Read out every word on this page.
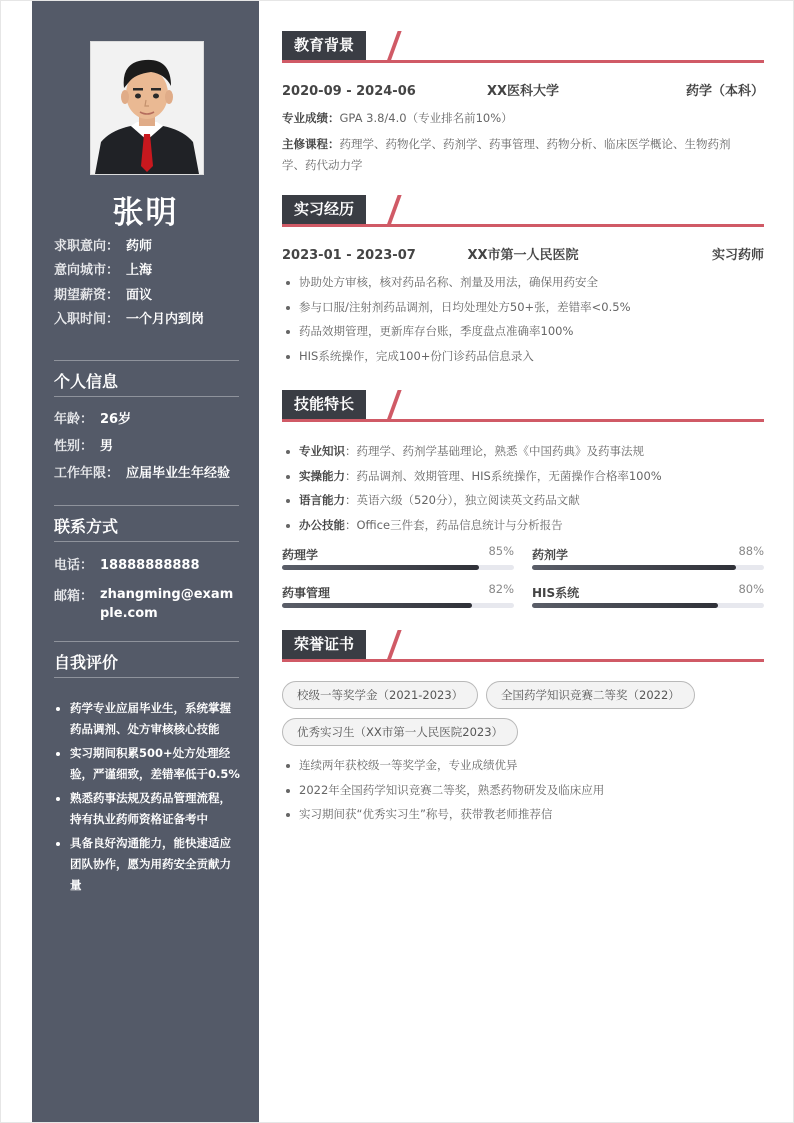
张明
求职意向： 药师
意向城市： 上海
期望薪资： 面议
入职时间： 一个月内到岗
个人信息
年龄： 26岁
性别： 男
工作年限： 应届毕业生年经验
联系方式
电话： 18888888888
邮箱： zhangming@example.com
自我评价
药学专业应届毕业生，系统掌握药品调剂、处方审核核心技能
实习期间积累500+处方处理经验，严谨细致，差错率低于0.5%
熟悉药事法规及药品管理流程，持有执业药师资格证备考中
具备良好沟通能力，能快速适应团队协作，愿为用药安全贡献力量
教育背景
2020-09 - 2024-06	XX医科大学	药学（本科）
专业成绩：GPA 3.8/4.0（专业排名前10%）
主修课程：药理学、药物化学、药剂学、药事管理、药物分析、临床医学概论、生物药剂学、药代动力学
实习经历
2023-01 - 2023-07	XX市第一人民医院	实习药师
协助处方审核，核对药品名称、剂量及用法，确保用药安全
参与口服/注射剂药品调剂，日均处理处方50+张，差错率<0.5%
药品效期管理，更新库存台账，季度盘点准确率100%
HIS系统操作，完成100+份门诊药品信息录入
技能特长
专业知识：药理学、药剂学基础理论，熟悉《中国药典》及药事法规
实操能力：药品调剂、效期管理、HIS系统操作，无菌操作合格率100%
语言能力：英语六级（520分），独立阅读英文药品文献
办公技能：Office三件套，药品信息统计与分析报告
药理学	85% 药剂学	88%
药事管理	82% HIS系统	80%
荣誉证书
校级一等奖学金（2021-2023）	全国药学知识竞赛二等奖（2022）
优秀实习生（XX市第一人民医院2023）
连续两年获校级一等奖学金，专业成绩优异
2022年全国药学知识竞赛二等奖，熟悉药物研发及临床应用
实习期间获“优秀实习生”称号，获带教老师推荐信
